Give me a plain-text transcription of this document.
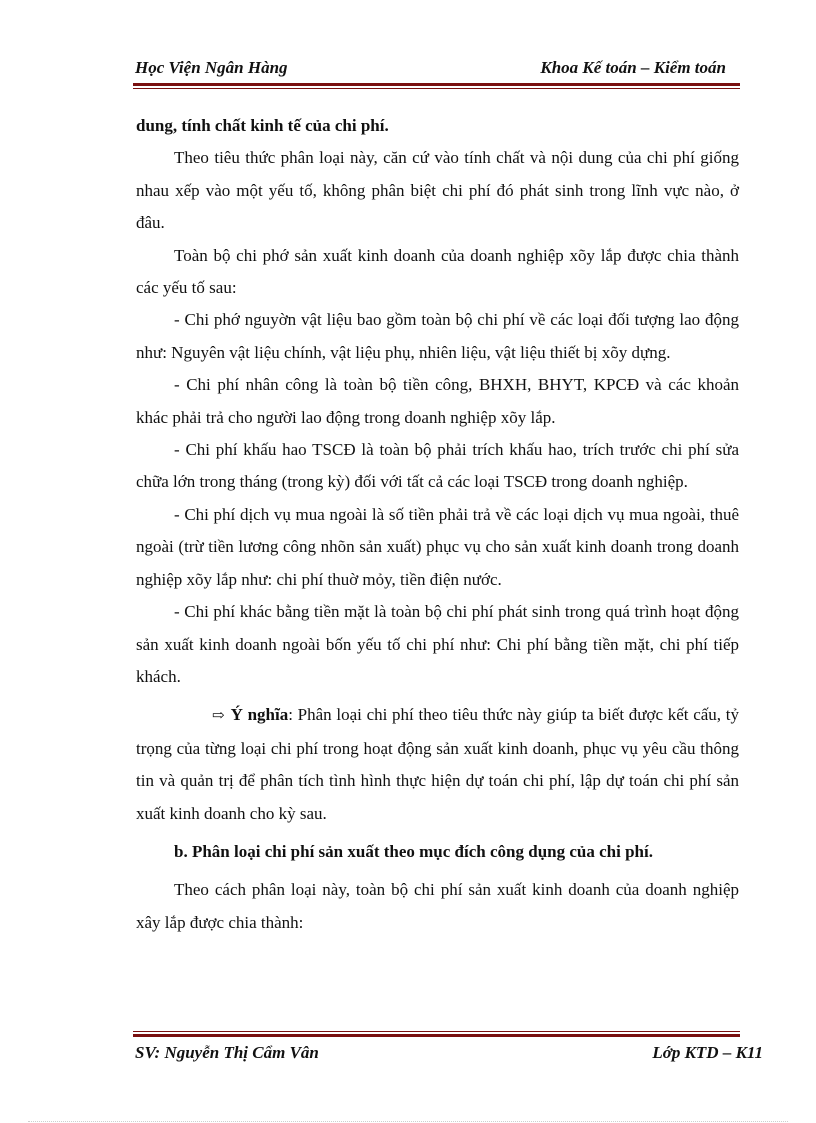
Học Viện Ngân Hàng	Khoa Kế toán – Kiểm toán

dung, tính chất kinh tế của chi phí.

Theo tiêu thức phân loại này, căn cứ vào tính chất và nội dung của chi phí giống nhau xếp vào một yếu tố, không phân biệt chi phí đó phát sinh trong lĩnh vực nào, ở đâu.

Toàn bộ chi phớ sản xuất kinh doanh của doanh nghiệp xõy lắp được chia thành các yếu tố sau:

- Chi phớ nguyờn vật liệu bao gồm toàn bộ chi phí về các loại đối tượng lao động như: Nguyên vật liệu chính, vật liệu phụ, nhiên liệu, vật liệu thiết bị xõy dựng.

- Chi phí nhân công là toàn bộ tiền công, BHXH, BHYT, KPCĐ và các khoản khác phải trả cho người lao động trong doanh nghiệp xõy lắp.

- Chi phí khấu hao TSCĐ là toàn bộ phải trích khấu hao, trích trước chi phí sửa chữa lớn trong tháng (trong kỳ) đối với tất cả các loại TSCĐ trong doanh nghiệp.

- Chi phí dịch vụ mua ngoài là số tiền phải trả về các loại dịch vụ mua ngoài, thuê ngoài (trừ tiền lương công nhõn sản xuất) phục vụ cho sản xuất kinh doanh trong doanh nghiệp xõy lắp như: chi phí thuờ mỏy, tiền điện nước.

- Chi phí khác bằng tiền mặt là toàn bộ chi phí phát sinh trong quá trình hoạt động sản xuất kinh doanh ngoài bốn yếu tố chi phí như: Chi phí bằng tiền mặt, chi phí tiếp khách.

⇨ Ý nghĩa: Phân loại chi phí theo tiêu thức này giúp ta biết được kết cấu, tỷ trọng của từng loại chi phí trong hoạt động sản xuất kinh doanh, phục vụ yêu cầu thông tin và quản trị để phân tích tình hình thực hiện dự toán chi phí, lập dự toán chi phí sản xuất kinh doanh cho kỳ sau.

b. Phân loại chi phí sản xuất theo mục đích công dụng của chi phí.

Theo cách phân loại này, toàn bộ chi phí sản xuất kinh doanh của doanh nghiệp xây lắp được chia thành:

SV: Nguyễn Thị Cẩm Vân	Lớp KTD – K11
